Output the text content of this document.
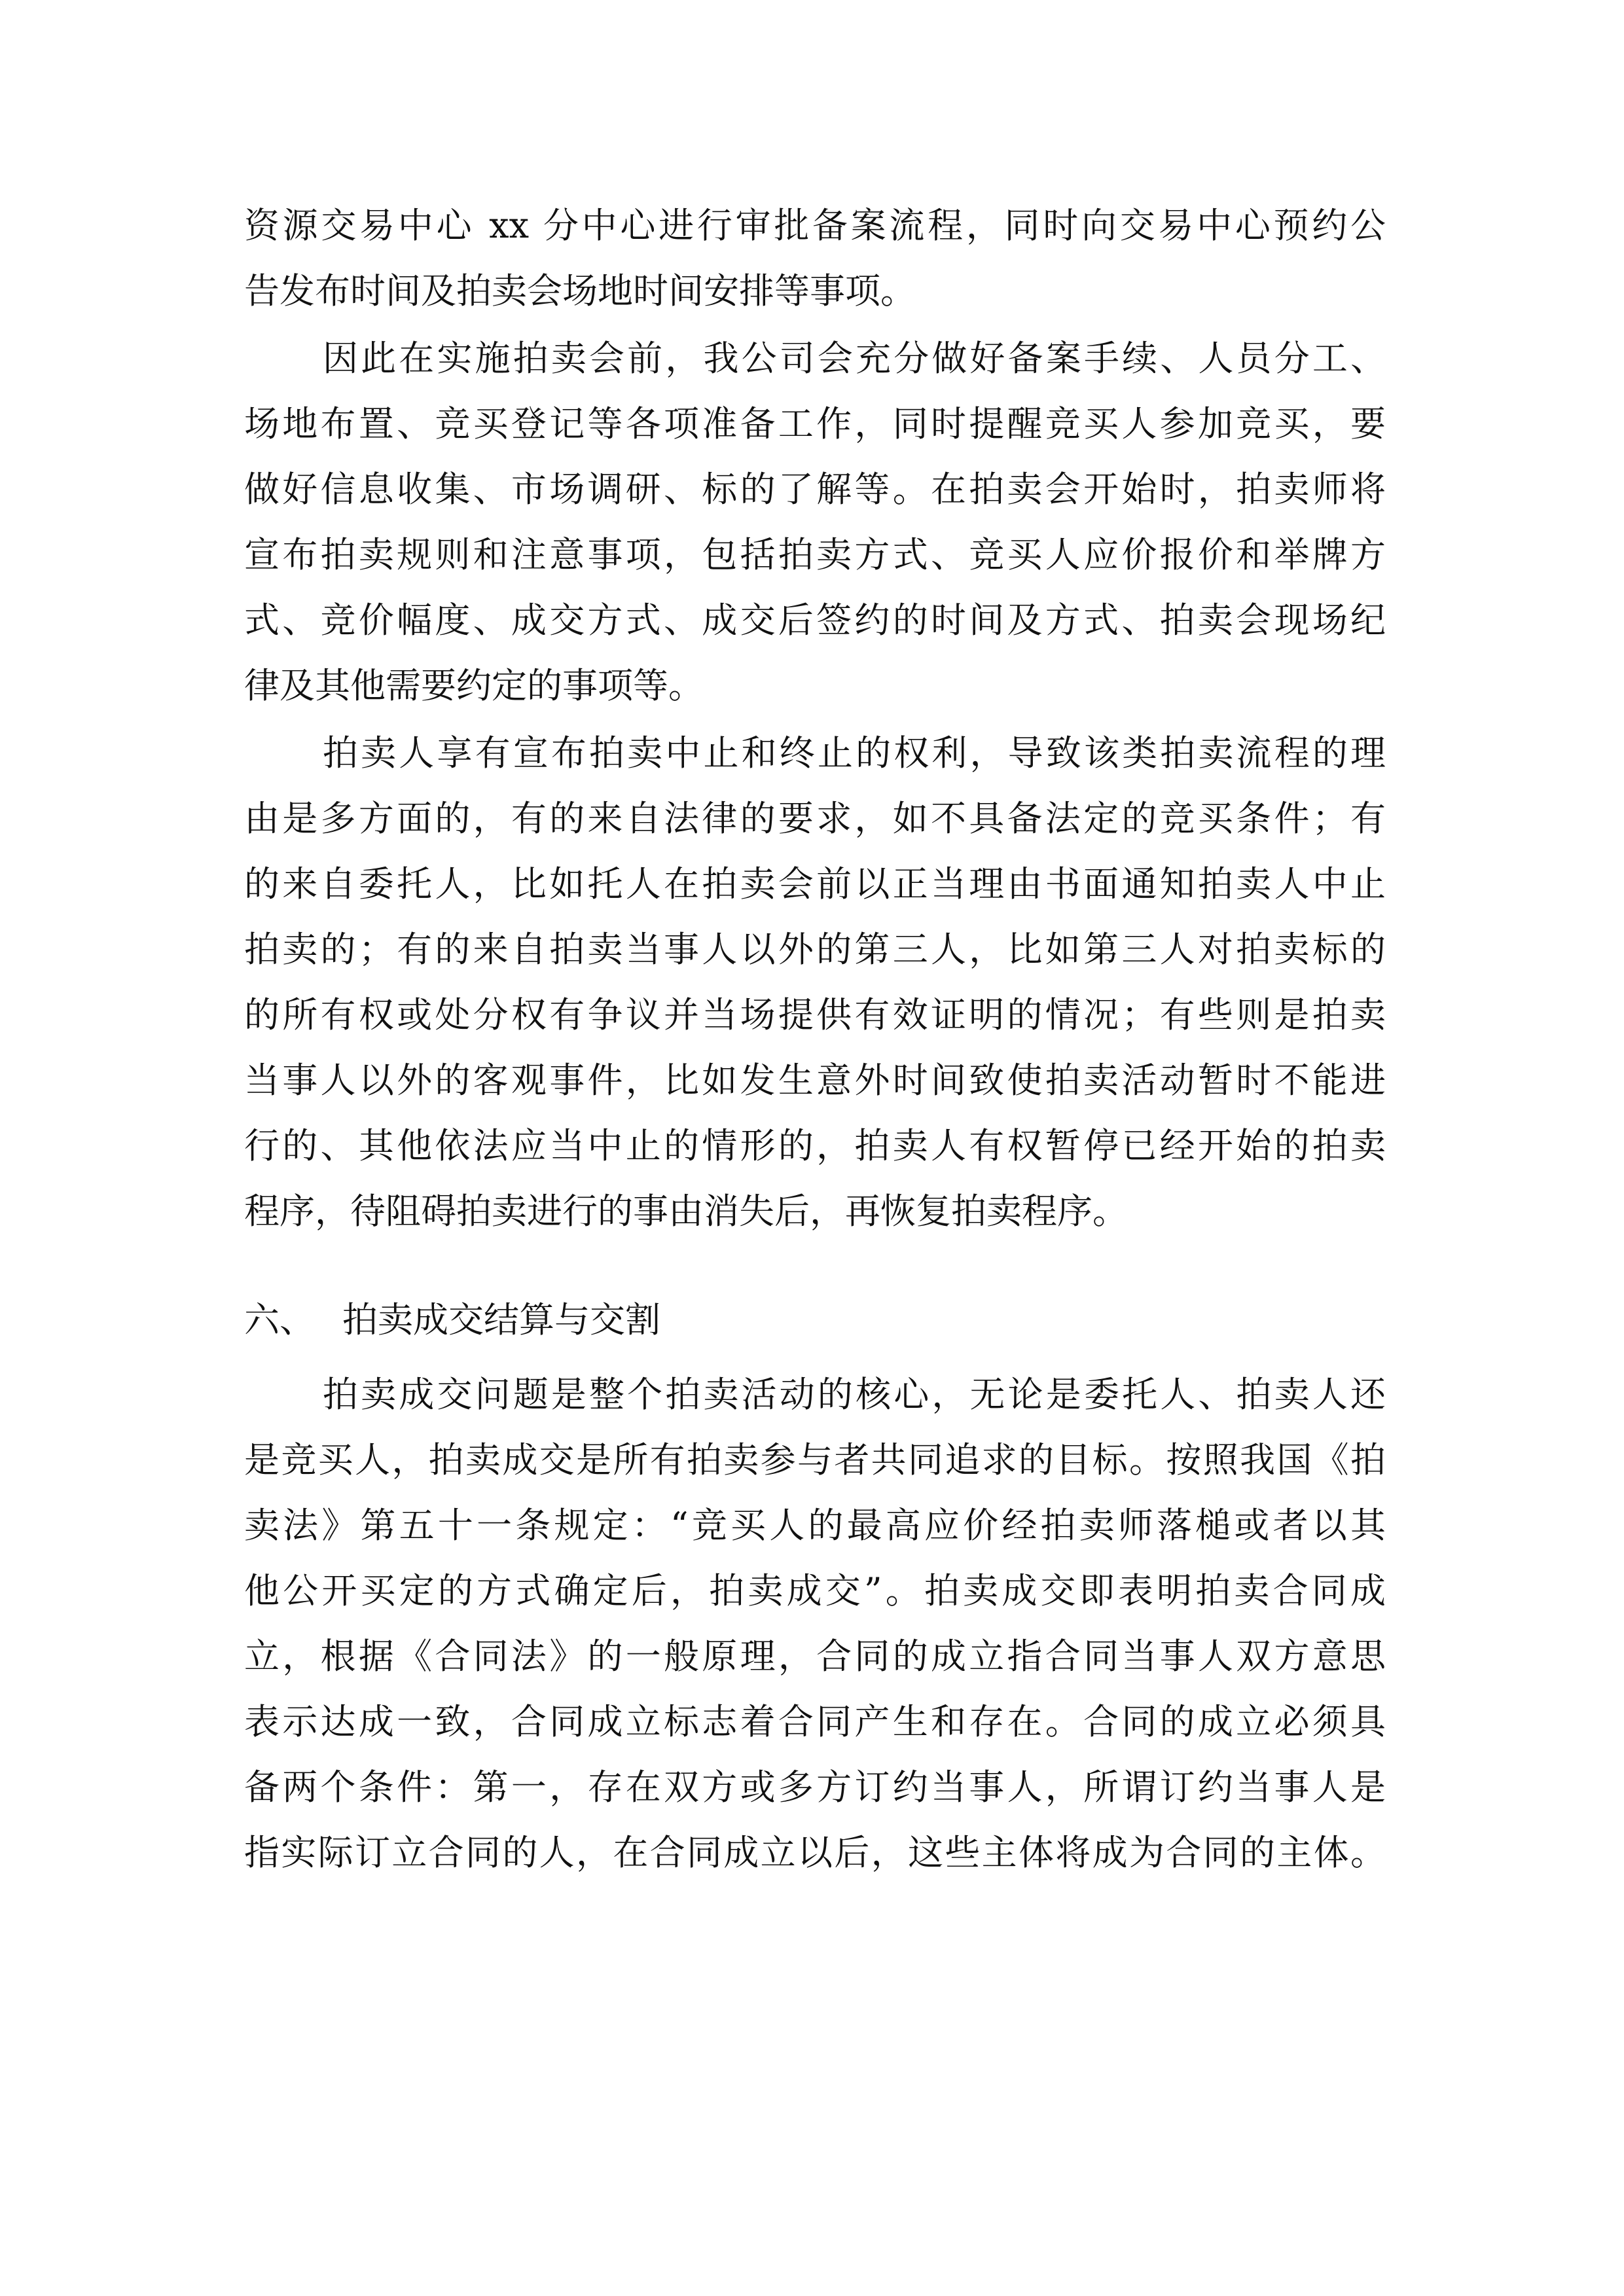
资源交易中心 xx 分中心进行审批备案流程，同时向交易中心预约公
告发布时间及拍卖会场地时间安排等事项。
因此在实施拍卖会前，我公司会充分做好备案手续、人员分工、
场地布置、竞买登记等各项准备工作，同时提醒竞买人参加竞买，要
做好信息收集、市场调研、标的了解等。在拍卖会开始时，拍卖师将
宣布拍卖规则和注意事项，包括拍卖方式、竞买人应价报价和举牌方
式、竞价幅度、成交方式、成交后签约的时间及方式、拍卖会现场纪
律及其他需要约定的事项等。
拍卖人享有宣布拍卖中止和终止的权利，导致该类拍卖流程的理
由是多方面的，有的来自法律的要求，如不具备法定的竞买条件；有
的来自委托人，比如托人在拍卖会前以正当理由书面通知拍卖人中止
拍卖的；有的来自拍卖当事人以外的第三人，比如第三人对拍卖标的
的所有权或处分权有争议并当场提供有效证明的情况；有些则是拍卖
当事人以外的客观事件，比如发生意外时间致使拍卖活动暂时不能进
行的、其他依法应当中止的情形的，拍卖人有权暂停已经开始的拍卖
程序，待阻碍拍卖进行的事由消失后，再恢复拍卖程序。
六、 拍卖成交结算与交割
拍卖成交问题是整个拍卖活动的核心，无论是委托人、拍卖人还
是竞买人，拍卖成交是所有拍卖参与者共同追求的目标。按照我国《拍
卖法》第五十一条规定：“竞买人的最高应价经拍卖师落槌或者以其
他公开买定的方式确定后，拍卖成交”。拍卖成交即表明拍卖合同成
立，根据《合同法》的一般原理，合同的成立指合同当事人双方意思
表示达成一致，合同成立标志着合同产生和存在。合同的成立必须具
备两个条件：第一，存在双方或多方订约当事人，所谓订约当事人是
指实际订立合同的人，在合同成立以后，这些主体将成为合同的主体。
